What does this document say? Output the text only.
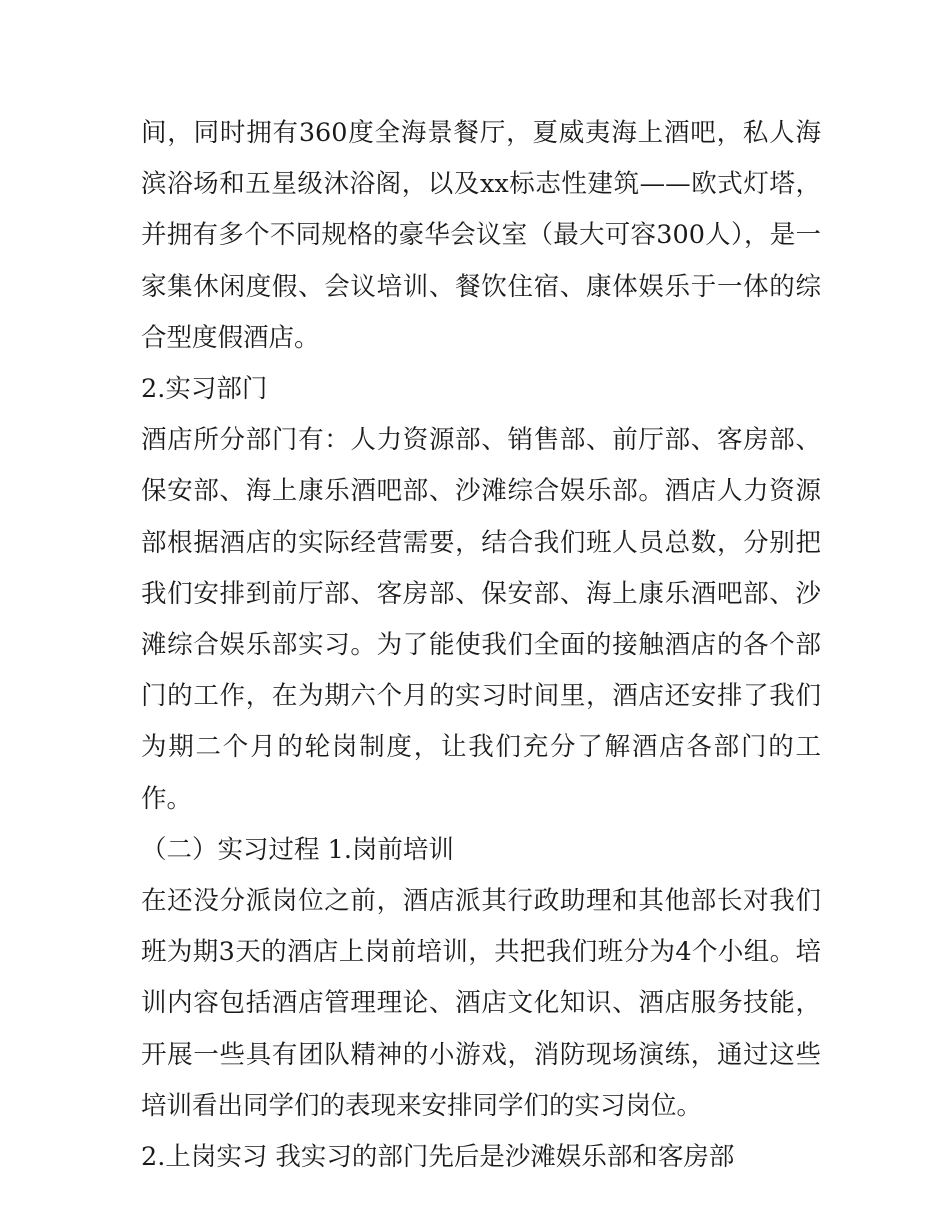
间，同时拥有360度全海景餐厅，夏威夷海上酒吧，私人海滨浴场和五星级沐浴阁，以及xx标志性建筑——欧式灯塔，并拥有多个不同规格的豪华会议室（最大可容300人），是一家集休闲度假、会议培训、餐饮住宿、康体娱乐于一体的综合型度假酒店。

2.实习部门

酒店所分部门有：人力资源部、销售部、前厅部、客房部、保安部、海上康乐酒吧部、沙滩综合娱乐部。酒店人力资源部根据酒店的实际经营需要，结合我们班人员总数，分别把我们安排到前厅部、客房部、保安部、海上康乐酒吧部、沙滩综合娱乐部实习。为了能使我们全面的接触酒店的各个部门的工作，在为期六个月的实习时间里，酒店还安排了我们为期二个月的轮岗制度，让我们充分了解酒店各部门的工作。

（二）实习过程 1.岗前培训

在还没分派岗位之前，酒店派其行政助理和其他部长对我们班为期3天的酒店上岗前培训，共把我们班分为4个小组。培训内容包括酒店管理理论、酒店文化知识、酒店服务技能，开展一些具有团队精神的小游戏，消防现场演练，通过这些培训看出同学们的表现来安排同学们的实习岗位。

2.上岗实习 我实习的部门先后是沙滩娱乐部和客房部
